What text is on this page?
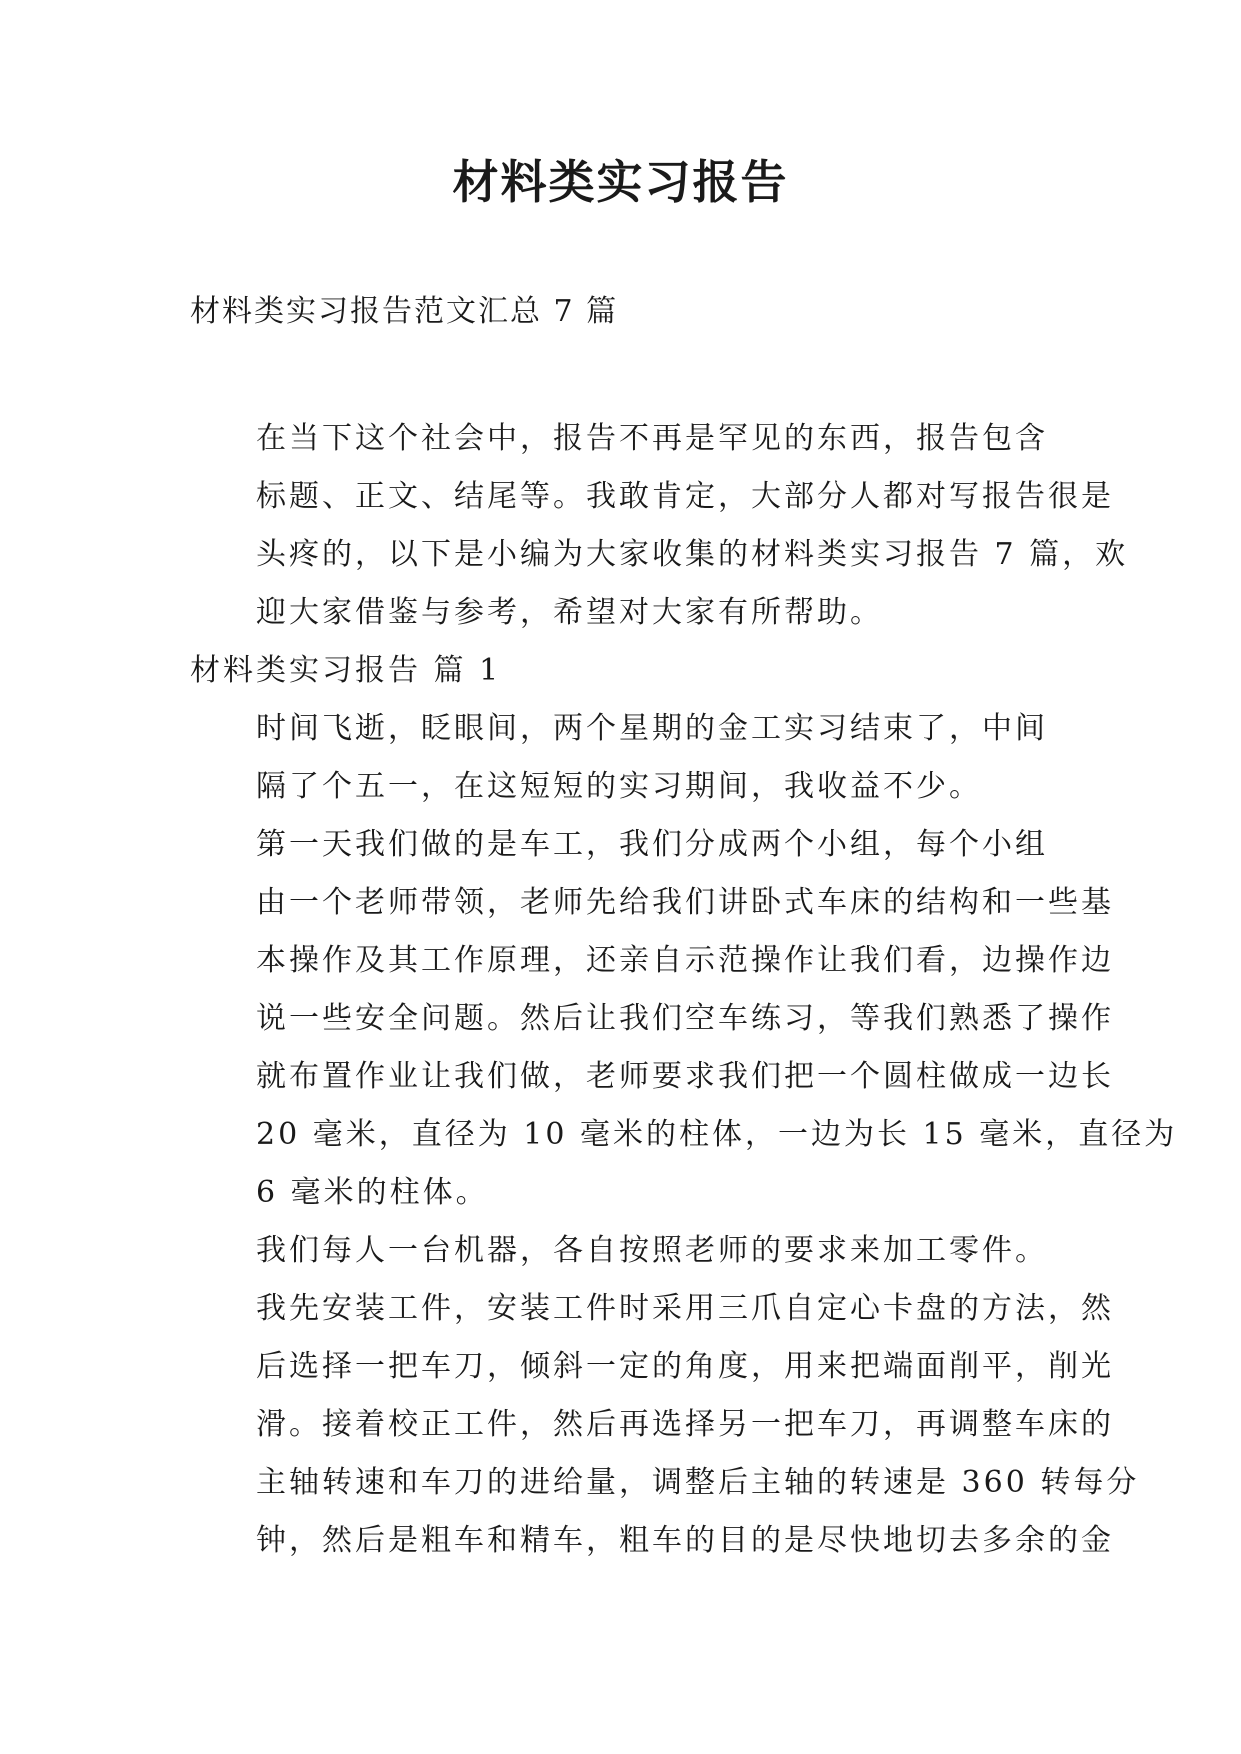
材料类实习报告

材料类实习报告范文汇总 7 篇

在当下这个社会中，报告不再是罕见的东西，报告包含
标题、正文、结尾等。我敢肯定，大部分人都对写报告很是
头疼的，以下是小编为大家收集的材料类实习报告 7 篇，欢
迎大家借鉴与参考，希望对大家有所帮助。

材料类实习报告 篇 1

时间飞逝，眨眼间，两个星期的金工实习结束了，中间
隔了个五一，在这短短的实习期间，我收益不少。

第一天我们做的是车工，我们分成两个小组，每个小组
由一个老师带领，老师先给我们讲卧式车床的结构和一些基
本操作及其工作原理，还亲自示范操作让我们看，边操作边
说一些安全问题。然后让我们空车练习，等我们熟悉了操作
就布置作业让我们做，老师要求我们把一个圆柱做成一边长
20 毫米，直径为 10 毫米的柱体，一边为长 15 毫米，直径为
6 毫米的柱体。

我们每人一台机器，各自按照老师的要求来加工零件。
我先安装工件，安装工件时采用三爪自定心卡盘的方法，然
后选择一把车刀，倾斜一定的角度，用来把端面削平，削光
滑。接着校正工件，然后再选择另一把车刀，再调整车床的
主轴转速和车刀的进给量，调整后主轴的转速是 360 转每分
钟，然后是粗车和精车，粗车的目的是尽快地切去多余的金
